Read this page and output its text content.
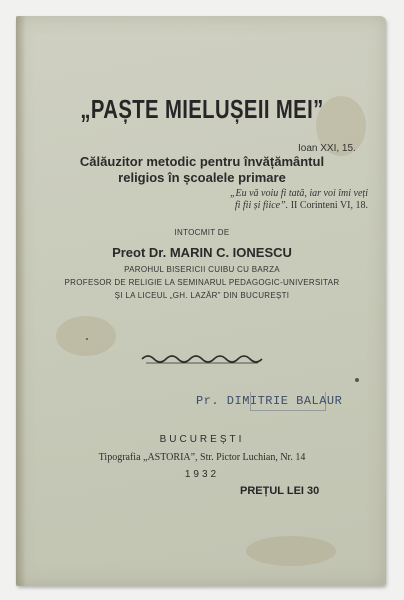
„PAȘTE MIELUȘEII MEI”
Ioan XXI, 15.
Călăuzitor metodic pentru învățământul
religios în școalele primare
„Eu vă voiu fi tată, iar voi îmi veți
fi fii și fiice”. II Corinteni VI, 18.
INTOCMIT DE
Preot Dr. MARIN C. IONESCU
PAROHUL BISERICII CUIBU CU BARZA
PROFESOR DE RELIGIE LA SEMINARUL PEDAGOGIC-UNIVERSITAR
ȘI LA LICEUL „GH. LAZĂR” DIN BUCUREȘTI
Pr. DIMITRIE BALAUR
BUCUREȘTI
Tipografia „ASTORIA”, Str. Pictor Luchian, Nr. 14
1932
PREȚUL LEI 30
